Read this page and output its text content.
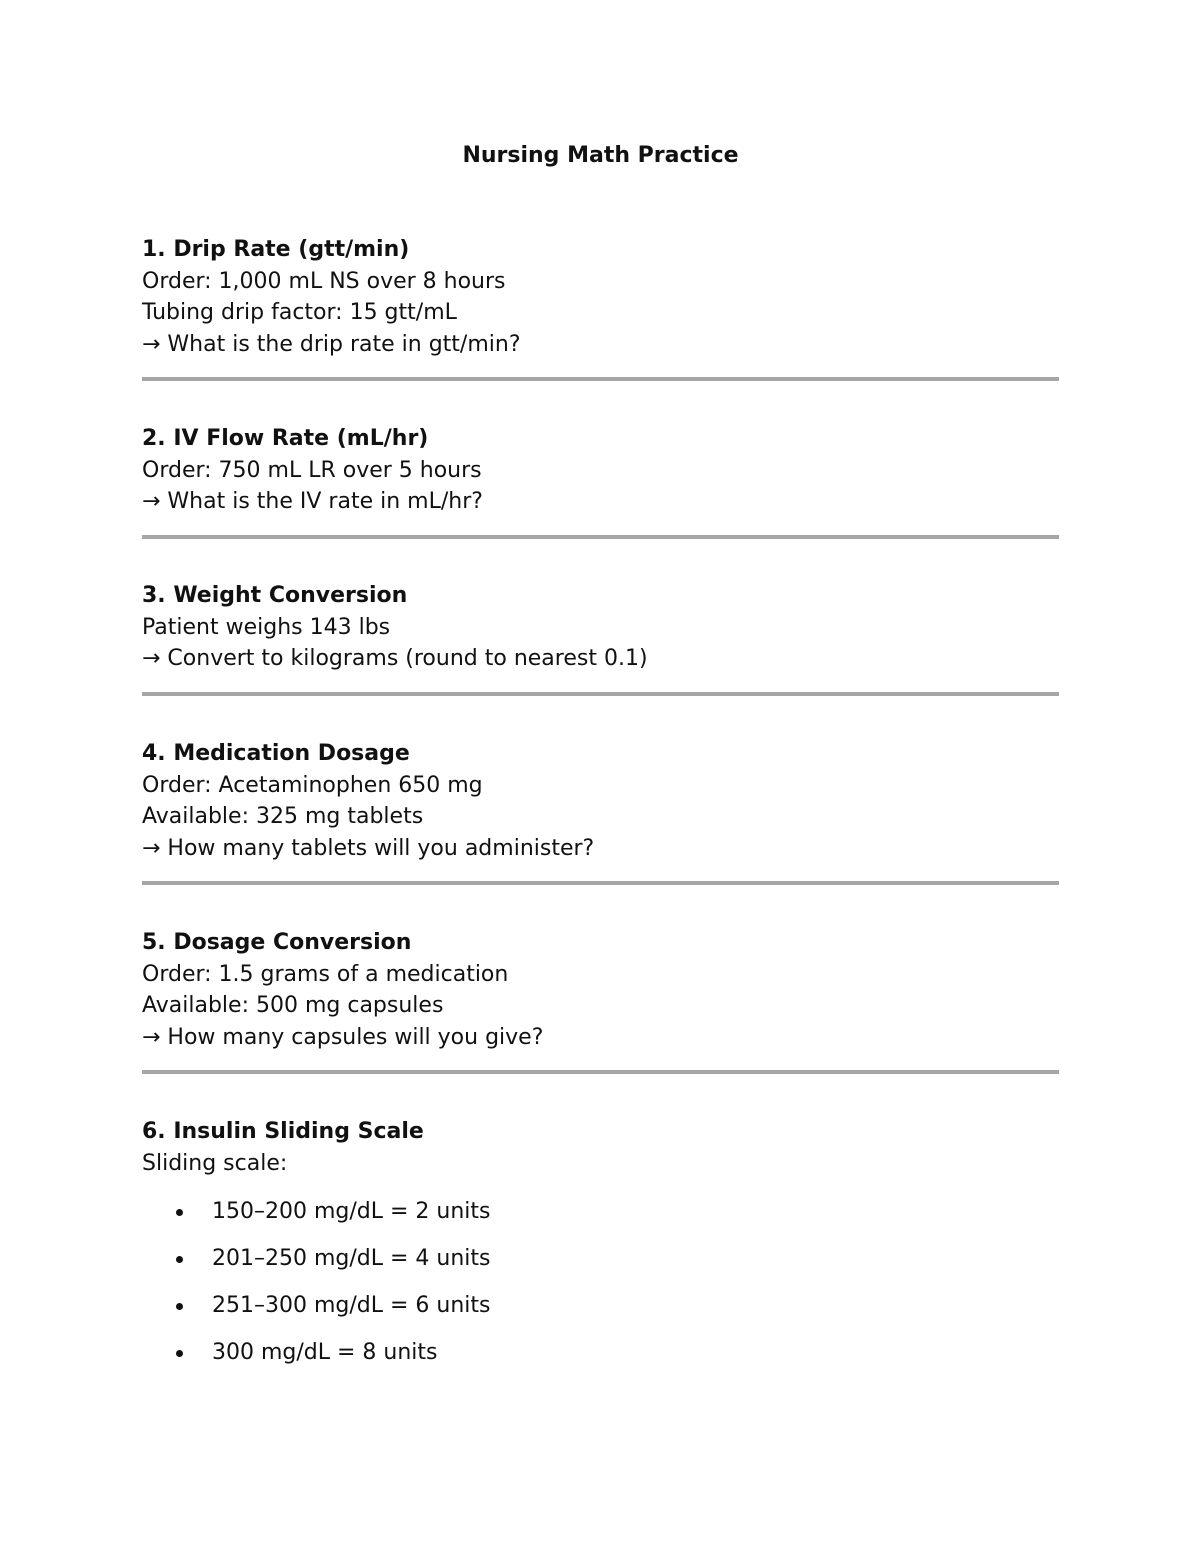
Nursing Math Practice
1. Drip Rate (gtt/min)
Order: 1,000 mL NS over 8 hours
Tubing drip factor: 15 gtt/mL
→ What is the drip rate in gtt/min?
2. IV Flow Rate (mL/hr)
Order: 750 mL LR over 5 hours
→ What is the IV rate in mL/hr?
3. Weight Conversion
Patient weighs 143 lbs
→ Convert to kilograms (round to nearest 0.1)
4. Medication Dosage
Order: Acetaminophen 650 mg
Available: 325 mg tablets
→ How many tablets will you administer?
5. Dosage Conversion
Order: 1.5 grams of a medication
Available: 500 mg capsules
→ How many capsules will you give?
6. Insulin Sliding Scale
Sliding scale:
150–200 mg/dL = 2 units
201–250 mg/dL = 4 units
251–300 mg/dL = 6 units
300 mg/dL = 8 units
